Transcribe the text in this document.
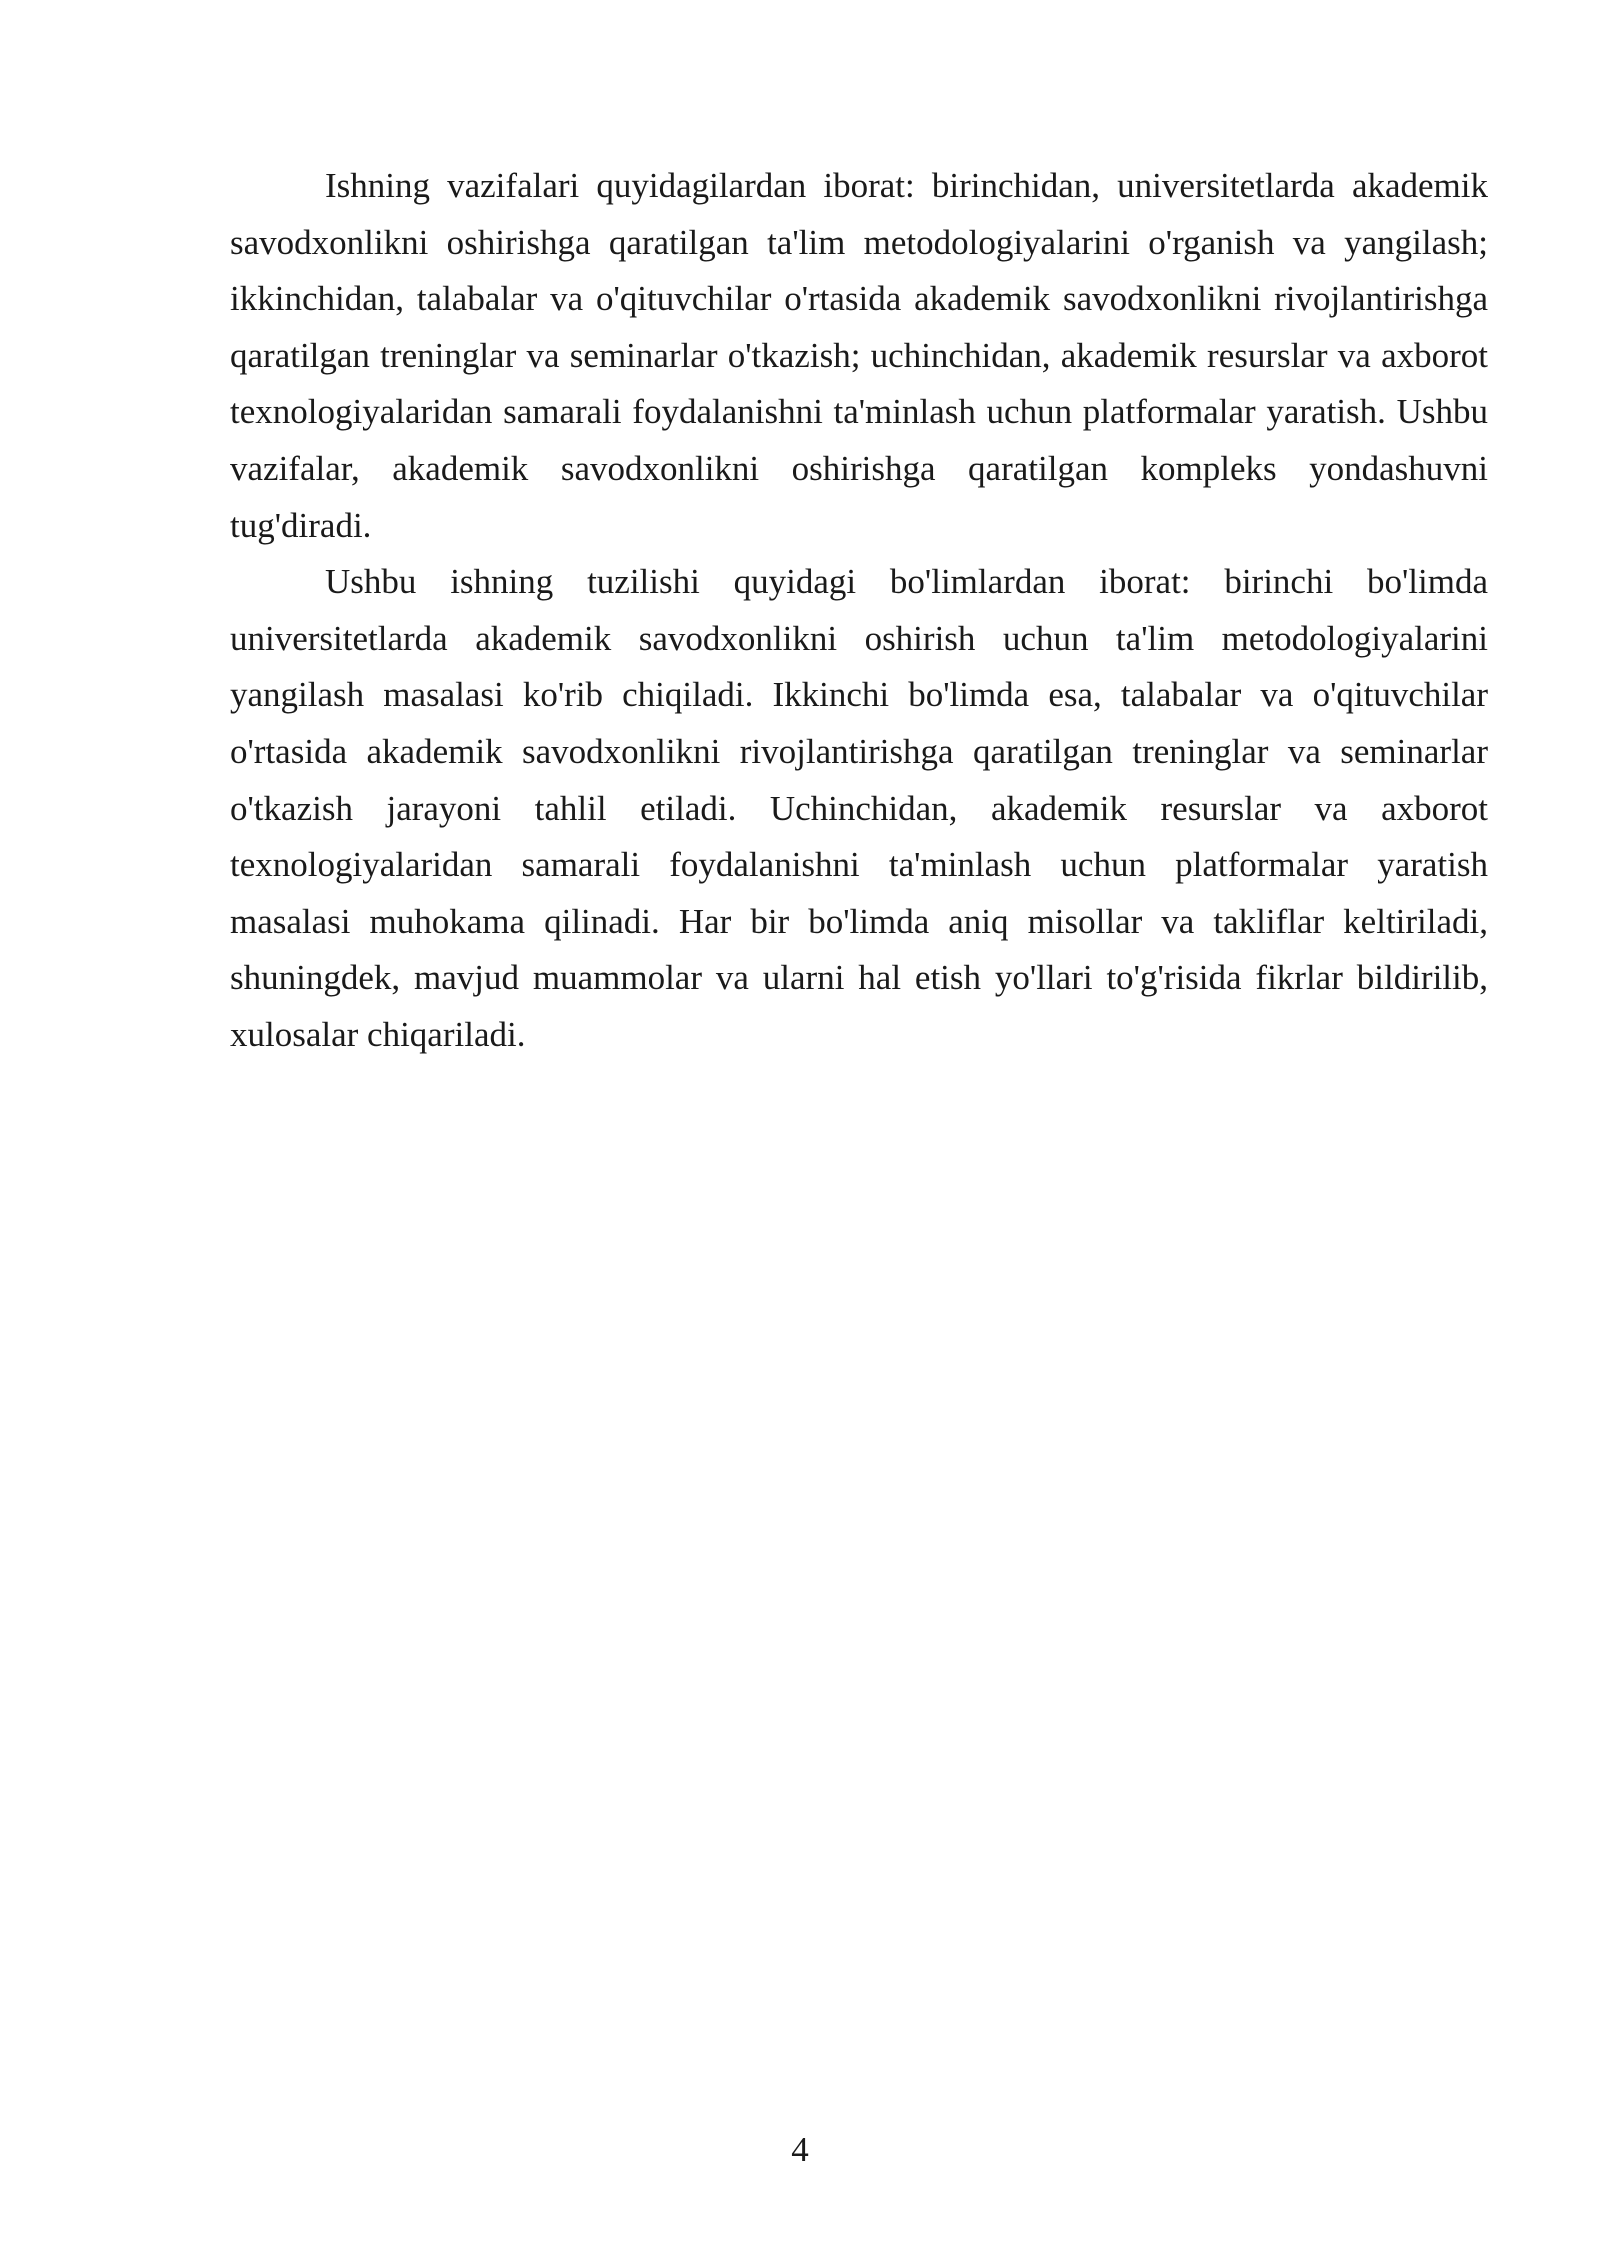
Ishning vazifalari quyidagilardan iborat: birinchidan, universitetlarda akademik savodxonlikni oshirishga qaratilgan ta'lim metodologiyalarini o'rganish va yangilash; ikkinchidan, talabalar va o'qituvchilar o'rtasida akademik savodxonlikni rivojlantirishga qaratilgan treninglar va seminarlar o'tkazish; uchinchidan, akademik resurslar va axborot texnologiyalaridan samarali foydalanishni ta'minlash uchun platformalar yaratish. Ushbu vazifalar, akademik savodxonlikni oshirishga qaratilgan kompleks yondashuvni tug'diradi.

Ushbu ishning tuzilishi quyidagi bo'limlardan iborat: birinchi bo'limda universitetlarda akademik savodxonlikni oshirish uchun ta'lim metodologiyalarini yangilash masalasi ko'rib chiqiladi. Ikkinchi bo'limda esa, talabalar va o'qituvchilar o'rtasida akademik savodxonlikni rivojlantirishga qaratilgan treninglar va seminarlar o'tkazish jarayoni tahlil etiladi. Uchinchidan, akademik resurslar va axborot texnologiyalaridan samarali foydalanishni ta'minlash uchun platformalar yaratish masalasi muhokama qilinadi. Har bir bo'limda aniq misollar va takliflar keltiriladi, shuningdek, mavjud muammolar va ularni hal etish yo'llari to'g'risida fikrlar bildirilib, xulosalar chiqariladi.

4
